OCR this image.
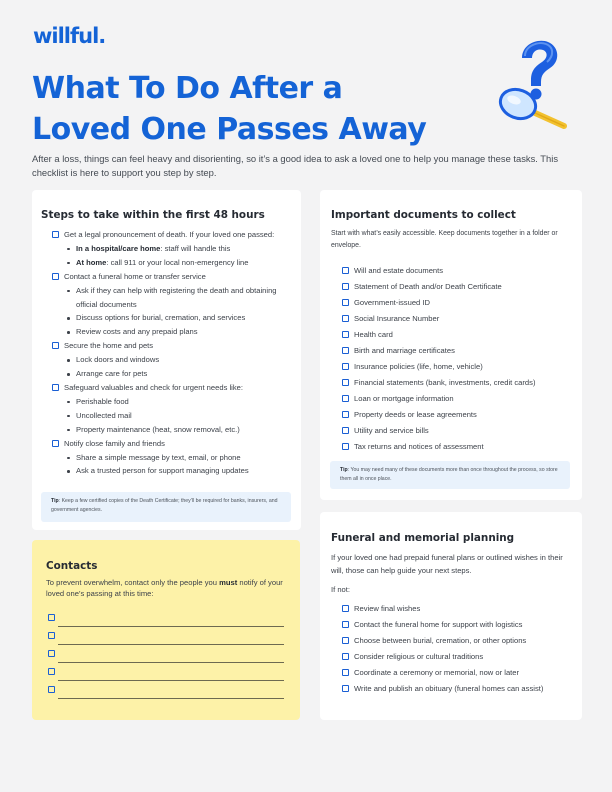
willful.
What To Do After a
Loved One Passes Away

After a loss, things can feel heavy and disorienting, so it’s a good idea to ask a loved one to help you manage these tasks. This checklist is here to support you step by step.

Steps to take within the first 48 hours
Get a legal pronouncement of death. If your loved one passed:
In a hospital/care home: staff will handle this
At home: call 911 or your local non-emergency line
Contact a funeral home or transfer service
Ask if they can help with registering the death and obtaining official documents
Discuss options for burial, cremation, and services
Review costs and any prepaid plans
Secure the home and pets
Lock doors and windows
Arrange care for pets
Safeguard valuables and check for urgent needs like:
Perishable food
Uncollected mail
Property maintenance (heat, snow removal, etc.)
Notify close family and friends
Share a simple message by text, email, or phone
Ask a trusted person for support managing updates
Tip: Keep a few certified copies of the Death Certificate; they’ll be required for banks, insurers, and government agencies.
Contacts

To prevent overwhelm, contact only the people you must notify of your loved one’s passing at this time:

Important documents to collect

Start with what’s easily accessible. Keep documents together in a folder or envelope.

Will and estate documents
Statement of Death and/or Death Certificate
Government-issued ID
Social Insurance Number
Health card
Birth and marriage certificates
Insurance policies (life, home, vehicle)
Financial statements (bank, investments, credit cards)
Loan or mortgage information
Property deeds or lease agreements
Utility and service bills
Tax returns and notices of assessment
Tip: You may need many of these documents more than once throughout the process, so store them all in once place.
Funeral and memorial planning

If your loved one had prepaid funeral plans or outlined wishes in their will, those can help guide your next steps.

If not:

Review final wishes
Contact the funeral home for support with logistics
Choose between burial, cremation, or other options
Consider religious or cultural traditions
Coordinate a ceremony or memorial, now or later
Write and publish an obituary (funeral homes can assist)
